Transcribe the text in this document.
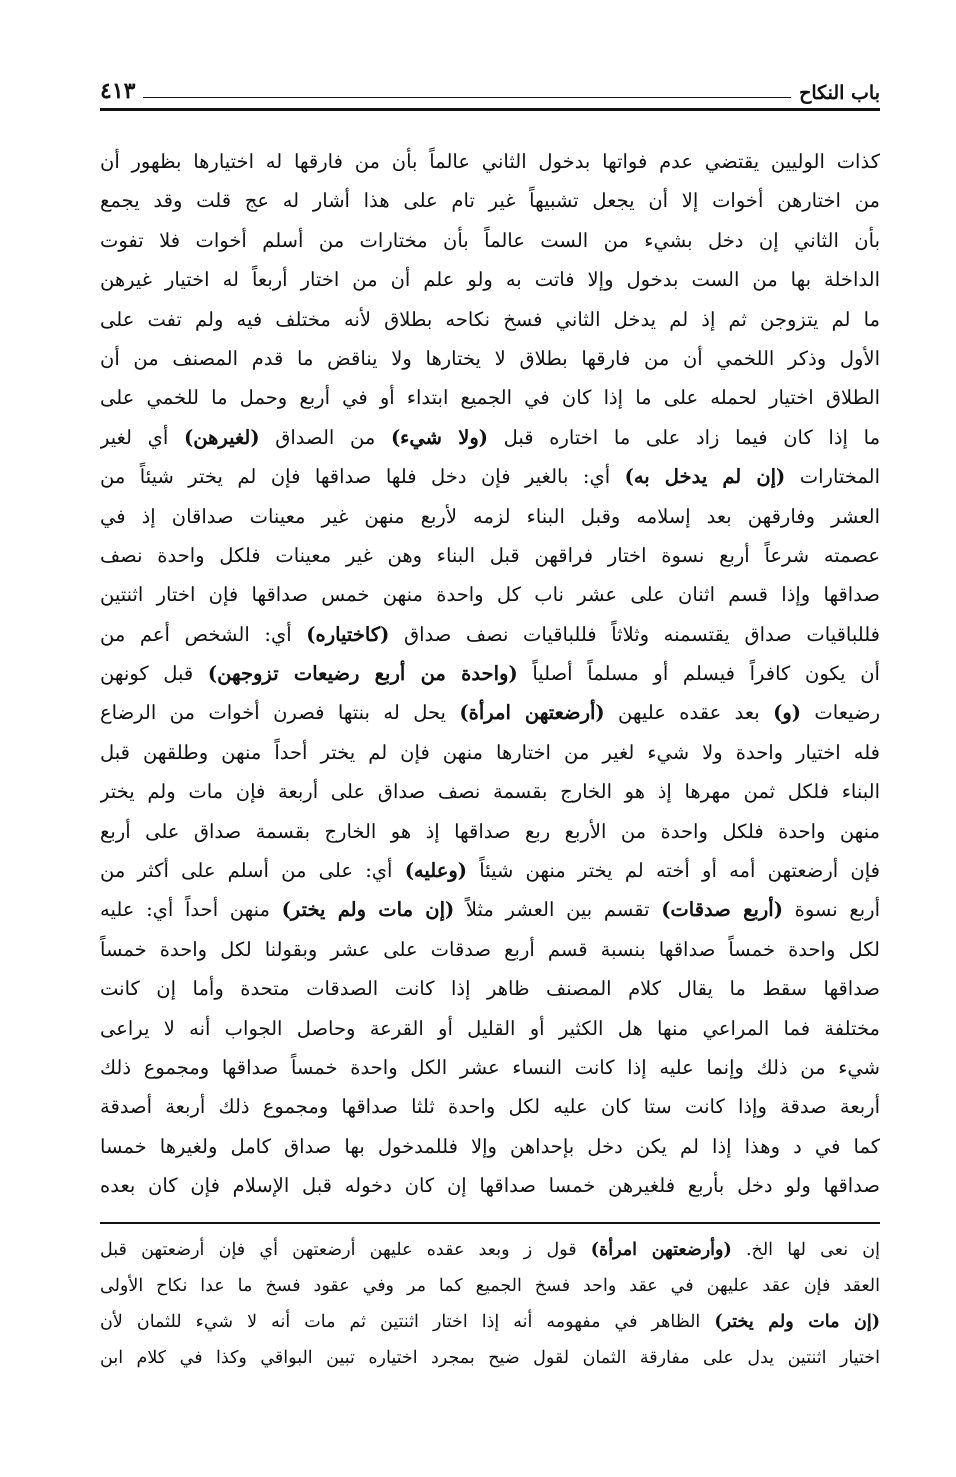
باب النكاح
٤١٣
كذات الوليين يقتضي عدم فواتها بدخول الثاني عالماً بأن من فارقها له اختيارها بظهور أن
من اختارهن أخوات إلا أن يجعل تشبيهاً غير تام على هذا أشار له عج قلت وقد يجمع
بأن الثاني إن دخل بشيء من الست عالماً بأن مختارات من أسلم أخوات فلا تفوت
الداخلة بها من الست بدخول وإلا فاتت به ولو علم أن من اختار أربعاً له اختيار غيرهن
ما لم يتزوجن ثم إذ لم يدخل الثاني فسخ نكاحه بطلاق لأنه مختلف فيه ولم تفت على
الأول وذكر اللخمي أن من فارقها بطلاق لا يختارها ولا يناقض ما قدم المصنف من أن
الطلاق اختيار لحمله على ما إذا كان في الجميع ابتداء أو في أربع وحمل ما للخمي على
ما إذا كان فيما زاد على ما اختاره قبل (ولا شيء) من الصداق (لغيرهن) أي لغير
المختارات (إن لم يدخل به) أي: بالغير فإن دخل فلها صداقها فإن لم يختر شيئاً من
العشر وفارقهن بعد إسلامه وقبل البناء لزمه لأربع منهن غير معينات صداقان إذ في
عصمته شرعاً أربع نسوة اختار فراقهن قبل البناء وهن غير معينات فلكل واحدة نصف
صداقها وإذا قسم اثنان على عشر ناب كل واحدة منهن خمس صداقها فإن اختار اثنتين
فللباقيات صداق يقتسمنه وثلاثاً فللباقيات نصف صداق (كاختياره) أي: الشخص أعم من
أن يكون كافراً فيسلم أو مسلماً أصلياً (واحدة من أربع رضيعات تزوجهن) قبل كونهن
رضيعات (و) بعد عقده عليهن (أرضعتهن امرأة) يحل له بنتها فصرن أخوات من الرضاع
فله اختيار واحدة ولا شيء لغير من اختارها منهن فإن لم يختر أحداً منهن وطلقهن قبل
البناء فلكل ثمن مهرها إذ هو الخارج بقسمة نصف صداق على أربعة فإن مات ولم يختر
منهن واحدة فلكل واحدة من الأربع ربع صداقها إذ هو الخارج بقسمة صداق على أربع
فإن أرضعتهن أمه أو أخته لم يختر منهن شيئاً (وعليه) أي: على من أسلم على أكثر من
أربع نسوة (أربع صدقات) تقسم بين العشر مثلاً (إن مات ولم يختر) منهن أحداً أي: عليه
لكل واحدة خمساً صداقها بنسبة قسم أربع صدقات على عشر وبقولنا لكل واحدة خمساً
صداقها سقط ما يقال كلام المصنف ظاهر إذا كانت الصدقات متحدة وأما إن كانت
مختلفة فما المراعي منها هل الكثير أو القليل أو القرعة وحاصل الجواب أنه لا يراعى
شيء من ذلك وإنما عليه إذا كانت النساء عشر الكل واحدة خمساً صداقها ومجموع ذلك
أربعة صدقة وإذا كانت ستا كان عليه لكل واحدة ثلثا صداقها ومجموع ذلك أربعة أصدقة
كما في د وهذا إذا لم يكن دخل بإحداهن وإلا فللمدخول بها صداق كامل ولغيرها خمسا
صداقها ولو دخل بأربع فلغيرهن خمسا صداقها إن كان دخوله قبل الإسلام فإن كان بعده
إن نعى لها الخ. (وأرضعتهن امرأة) قول ز وبعد عقده عليهن أرضعتهن أي فإن أرضعتهن قبل
العقد فإن عقد عليهن في عقد واحد فسخ الجميع كما مر وفي عقود فسخ ما عدا نكاح الأولى
(إن مات ولم يختر) الظاهر في مفهومه أنه إذا اختار اثنتين ثم مات أنه لا شيء للثمان لأن
اختيار اثنتين يدل على مفارقة الثمان لقول ضيح بمجرد اختياره تبين البواقي وكذا في كلام ابن
